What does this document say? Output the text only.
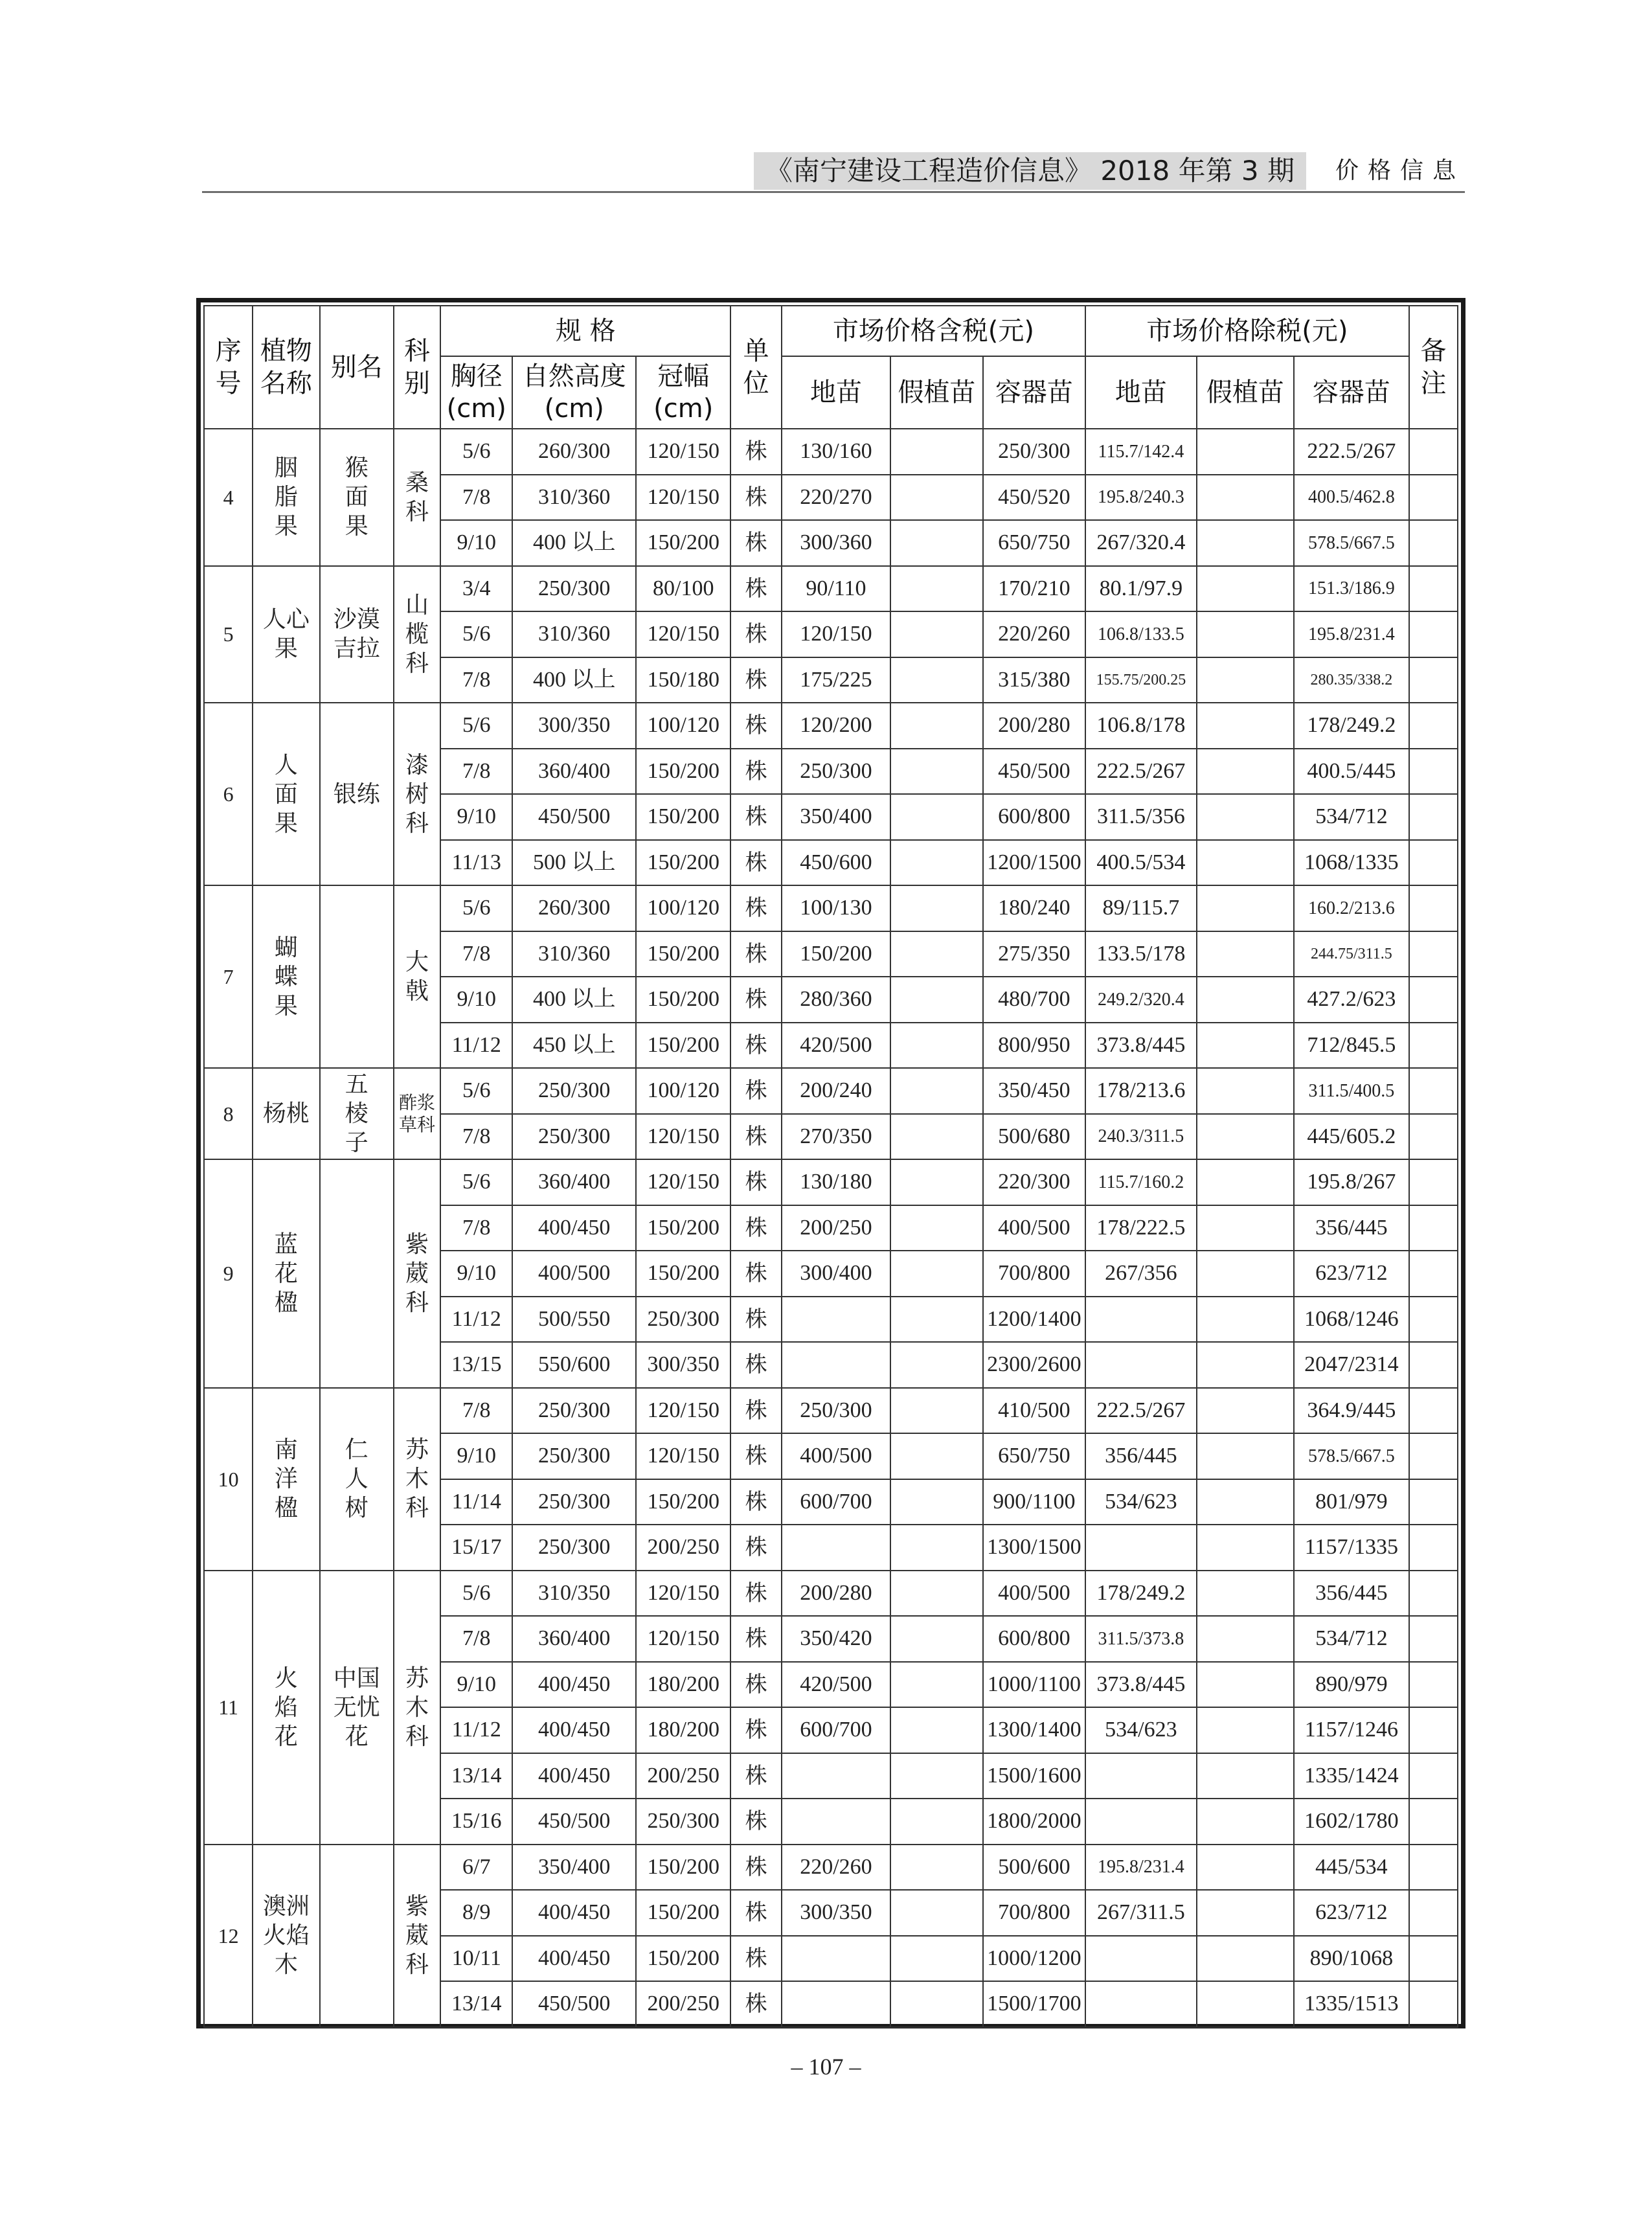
《南宁建设工程造价信息》 2018 年第 3 期	价格信息
序号	植物名称	别名	科别	规 格			单位	市场价格含税(元)			市场价格除税(元)			备注
				胸径(cm)	自然高度(cm)	冠幅(cm)		地苗	假植苗	容器苗	地苗	假植苗	容器苗	
4	胭
脂
果	猴
面
果	桑
科	5/6	260/300	120/150	株	130/160		250/300	115.7/142.4		222.5/267	
				7/8	310/360	120/150	株	220/270		450/520	195.8/240.3		400.5/462.8	
				9/10	400 以上	150/200	株	300/360		650/750	267/320.4		578.5/667.5	
5	人心
果	沙漠
吉拉	山
榄
科	3/4	250/300	80/100	株	90/110		170/210	80.1/97.9		151.3/186.9	
				5/6	310/360	120/150	株	120/150		220/260	106.8/133.5		195.8/231.4	
				7/8	400 以上	150/180	株	175/225		315/380	155.75/200.25		280.35/338.2	
6	人
面
果	银练	漆
树
科	5/6	300/350	100/120	株	120/200		200/280	106.8/178		178/249.2	
				7/8	360/400	150/200	株	250/300		450/500	222.5/267		400.5/445	
				9/10	450/500	150/200	株	350/400		600/800	311.5/356		534/712	
				11/13	500 以上	150/200	株	450/600		1200/1500	400.5/534		1068/1335	
7	蝴
蝶
果		大
戟	5/6	260/300	100/120	株	100/130		180/240	89/115.7		160.2/213.6	
				7/8	310/360	150/200	株	150/200		275/350	133.5/178		244.75/311.5	
				9/10	400 以上	150/200	株	280/360		480/700	249.2/320.4		427.2/623	
				11/12	450 以上	150/200	株	420/500		800/950	373.8/445		712/845.5	
8	杨桃	五
棱
子	酢浆
草科	5/6	250/300	100/120	株	200/240		350/450	178/213.6		311.5/400.5	
				7/8	250/300	120/150	株	270/350		500/680	240.3/311.5		445/605.2	
9	蓝
花
楹		紫
葳
科	5/6	360/400	120/150	株	130/180		220/300	115.7/160.2		195.8/267	
				7/8	400/450	150/200	株	200/250		400/500	178/222.5		356/445	
				9/10	400/500	150/200	株	300/400		700/800	267/356		623/712	
				11/12	500/550	250/300	株			1200/1400			1068/1246	
				13/15	550/600	300/350	株			2300/2600			2047/2314	
10	南
洋
楹	仁
人
树	苏
木
科	7/8	250/300	120/150	株	250/300		410/500	222.5/267		364.9/445	
				9/10	250/300	120/150	株	400/500		650/750	356/445		578.5/667.5	
				11/14	250/300	150/200	株	600/700		900/1100	534/623		801/979	
				15/17	250/300	200/250	株			1300/1500			1157/1335	
11	火
焰
花	中国
无忧
花	苏
木
科	5/6	310/350	120/150	株	200/280		400/500	178/249.2		356/445	
				7/8	360/400	120/150	株	350/420		600/800	311.5/373.8		534/712	
				9/10	400/450	180/200	株	420/500		1000/1100	373.8/445		890/979	
				11/12	400/450	180/200	株	600/700		1300/1400	534/623		1157/1246	
				13/14	400/450	200/250	株			1500/1600			1335/1424	
				15/16	450/500	250/300	株			1800/2000			1602/1780	
12	澳洲
火焰
木		紫
葳
科	6/7	350/400	150/200	株	220/260		500/600	195.8/231.4		445/534	
				8/9	400/450	150/200	株	300/350		700/800	267/311.5		623/712	
				10/11	400/450	150/200	株			1000/1200			890/1068	
				13/14	450/500	200/250	株			1500/1700			1335/1513	
– 107 –
